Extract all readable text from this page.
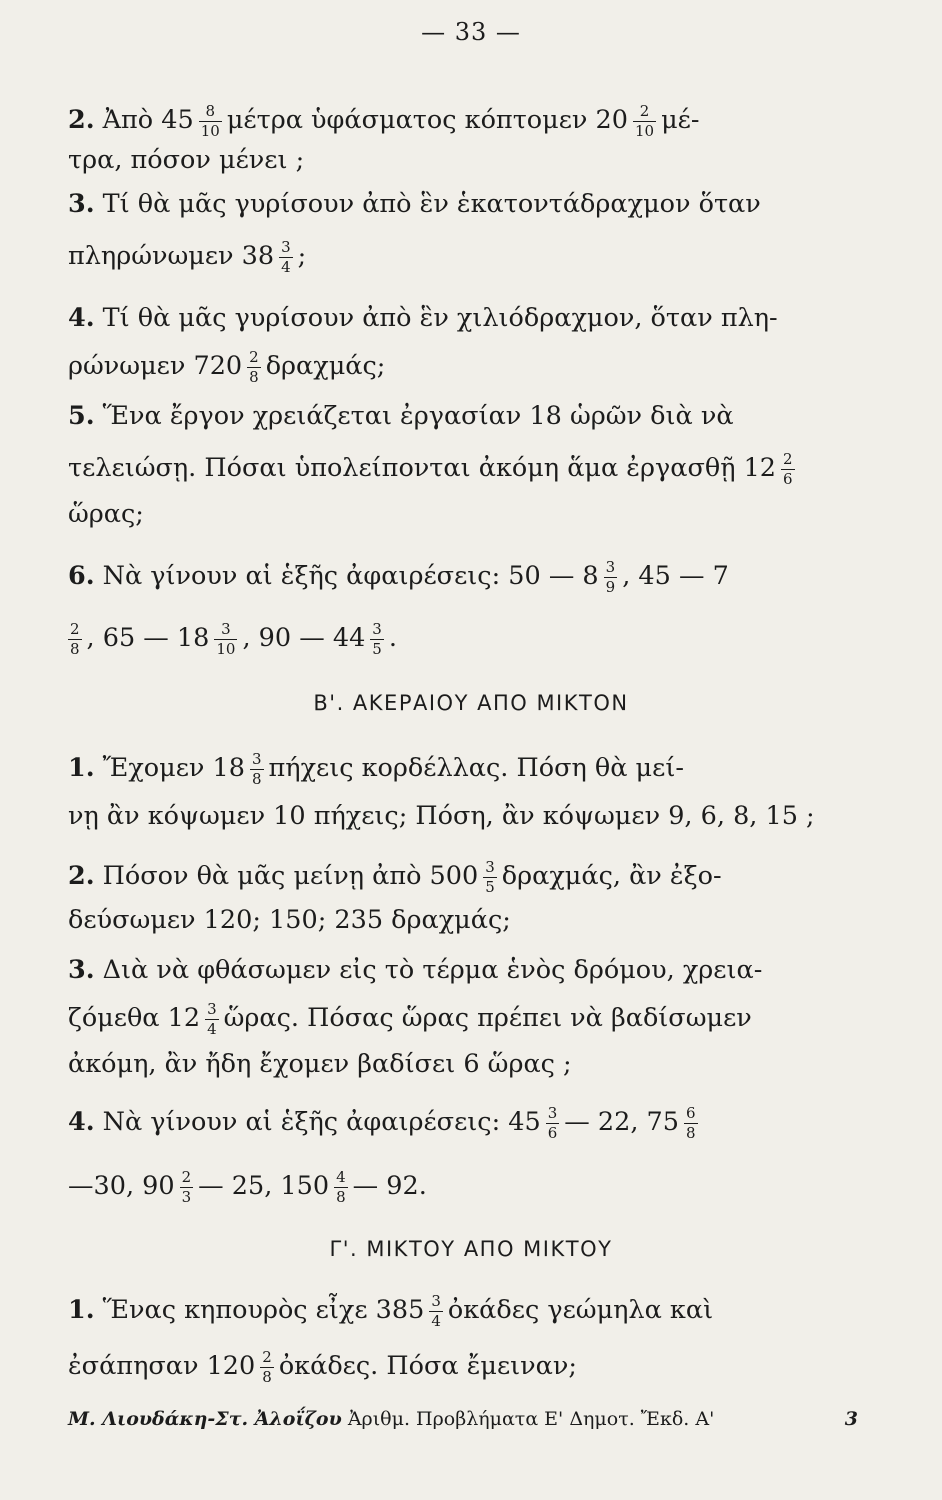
— 33 —
2. Ἀπὸ $45 \frac{8}{10}$ μέτρα ὑφάσματος κόπτομεν $20 \frac{2}{10} \mu έ-$
τρα, πόσον μένει ;
3. Τί θὰ μᾶς γυρίσουν ἀπὸ ἓν ἑκατοντάδραχμον ὅταν
πληρώνωμεν $38 \frac{3}{4}$ ;
4. Τί θὰ μᾶς γυρίσουν ἀπὸ ἓν χιλιόδραχμον, ὅταν πλη-
ρώνωμεν $720 \frac{2}{8} \delta\rho\alpha\chi\mu ά\varsigma$;
5. Ἕνα ἔργον χρειάζεται ἐργασίαν 18 ὡρῶν διὰ νὰ
τελειώσῃ. Πόσαι ὑπολείπονται ἀκόμη ἅμα ἐργασθῇ $12 \frac{2}{6}$
ὥρας;
6. Νὰ γίνουν αἱ ἑξῆς ἀφαιρέσεις: 50 — $8 \frac{3}{9}$ , 45 — 7
$\frac{2}{8}$ , 65 — $18 \frac{3}{10}$ , 90 — $44 \frac{3}{5}$ .
Β'. ΑΚΕΡΑΙΟΥ ΑΠΟ ΜΙΚΤΟΝ
1. Ἔχομεν $18 \frac{3}{8}$ πήχεις κορδέλλας. Πόση θὰ μεί-
νῃ ἂν κόψωμεν 10 πήχεις; Πόση, ἂν κόψωμεν 9, 6, 8, 15 ;
2. Πόσον θὰ μᾶς μείνῃ ἀπὸ $500 \frac{3}{5} \delta\rho\alpha\chi\mu ά\varsigma$, ἂν ἐξο-
δεύσωμεν 120; 150; 235 δραχμάς;
3. Διὰ νὰ φθάσωμεν εἰς τὸ τέρμα ἑνὸς δρόμου, χρεια-
ζόμεθα $12 \frac{3}{4}$ ὥρας. Πόσας ὥρας πρέπει νὰ βαδίσωμεν
ἀκόμη, ἂν ἤδη ἔχομεν βαδίσει 6 ὥρας ;
4. Νὰ γίνουν αἱ ἑξῆς ἀφαιρέσεις: $45 \frac{3}{6}$ — 22, $75 \frac{6}{8}$
—30, $90 \frac{2}{3}$ — 25, $150 \frac{4}{8}$ — 92.
Γ'. ΜΙΚΤΟΥ ΑΠΟ ΜΙΚΤΟΥ
1. Ἕνας κηπουρὸς εἶχε $385 \frac{3}{4}$ ὀκάδες γεώμηλα καὶ
ἐσάπησαν $120 \frac{2}{8}$ ὀκάδες. Πόσα ἔμειναν;
Μ. Λιουδάκη-Στ. Ἀλοΐζου Ἀριθμ. Προβλήματα Ε' Δημοτ. Ἔκδ. Α'	3
